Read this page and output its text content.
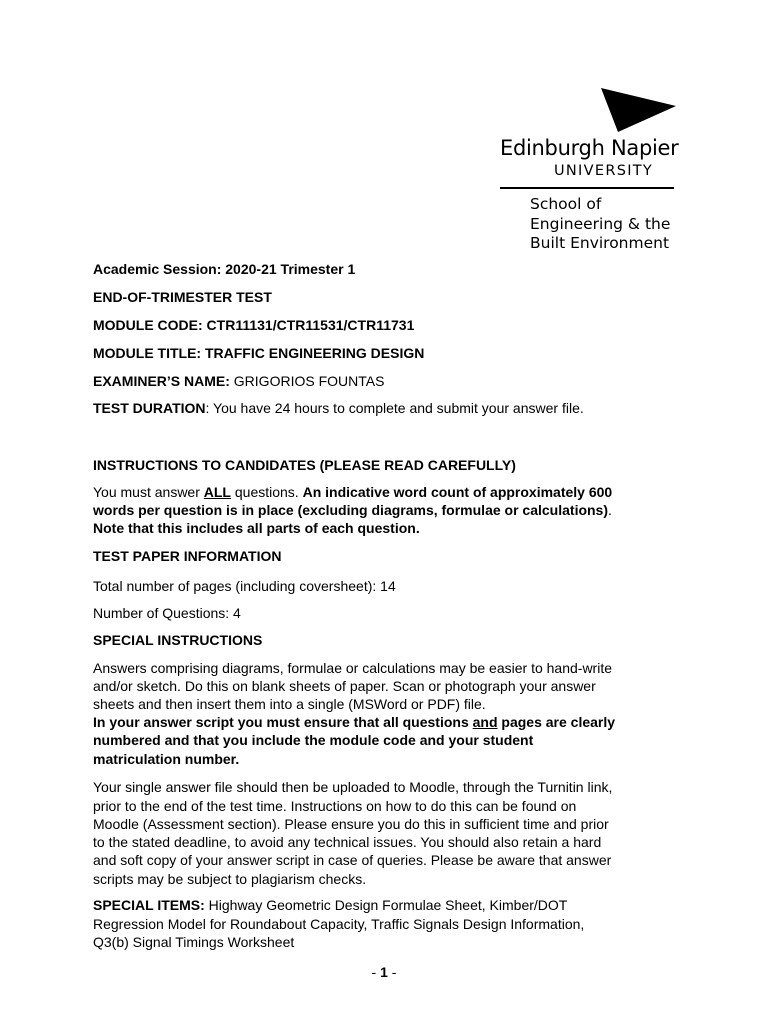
Edinburgh Napier
UNIVERSITY
School of
Engineering & the
Built Environment
Academic Session: 2020-21 Trimester 1
END-OF-TRIMESTER TEST
MODULE CODE: CTR11131/CTR11531/CTR11731
MODULE TITLE: TRAFFIC ENGINEERING DESIGN
EXAMINER’S NAME: GRIGORIOS FOUNTAS
TEST DURATION: You have 24 hours to complete and submit your answer file.
INSTRUCTIONS TO CANDIDATES (PLEASE READ CAREFULLY)
You must answer ALL questions. An indicative word count of approximately 600
words per question is in place (excluding diagrams, formulae or calculations).
Note that this includes all parts of each question.
TEST PAPER INFORMATION
Total number of pages (including coversheet): 14
Number of Questions: 4
SPECIAL INSTRUCTIONS
Answers comprising diagrams, formulae or calculations may be easier to hand-write
and/or sketch. Do this on blank sheets of paper. Scan or photograph your answer
sheets and then insert them into a single (MSWord or PDF) file.
In your answer script you must ensure that all questions and pages are clearly
numbered and that you include the module code and your student
matriculation number.
Your single answer file should then be uploaded to Moodle, through the Turnitin link,
prior to the end of the test time. Instructions on how to do this can be found on
Moodle (Assessment section). Please ensure you do this in sufficient time and prior
to the stated deadline, to avoid any technical issues. You should also retain a hard
and soft copy of your answer script in case of queries. Please be aware that answer
scripts may be subject to plagiarism checks.
SPECIAL ITEMS: Highway Geometric Design Formulae Sheet, Kimber/DOT
Regression Model for Roundabout Capacity, Traffic Signals Design Information,
Q3(b) Signal Timings Worksheet
- 1 -
